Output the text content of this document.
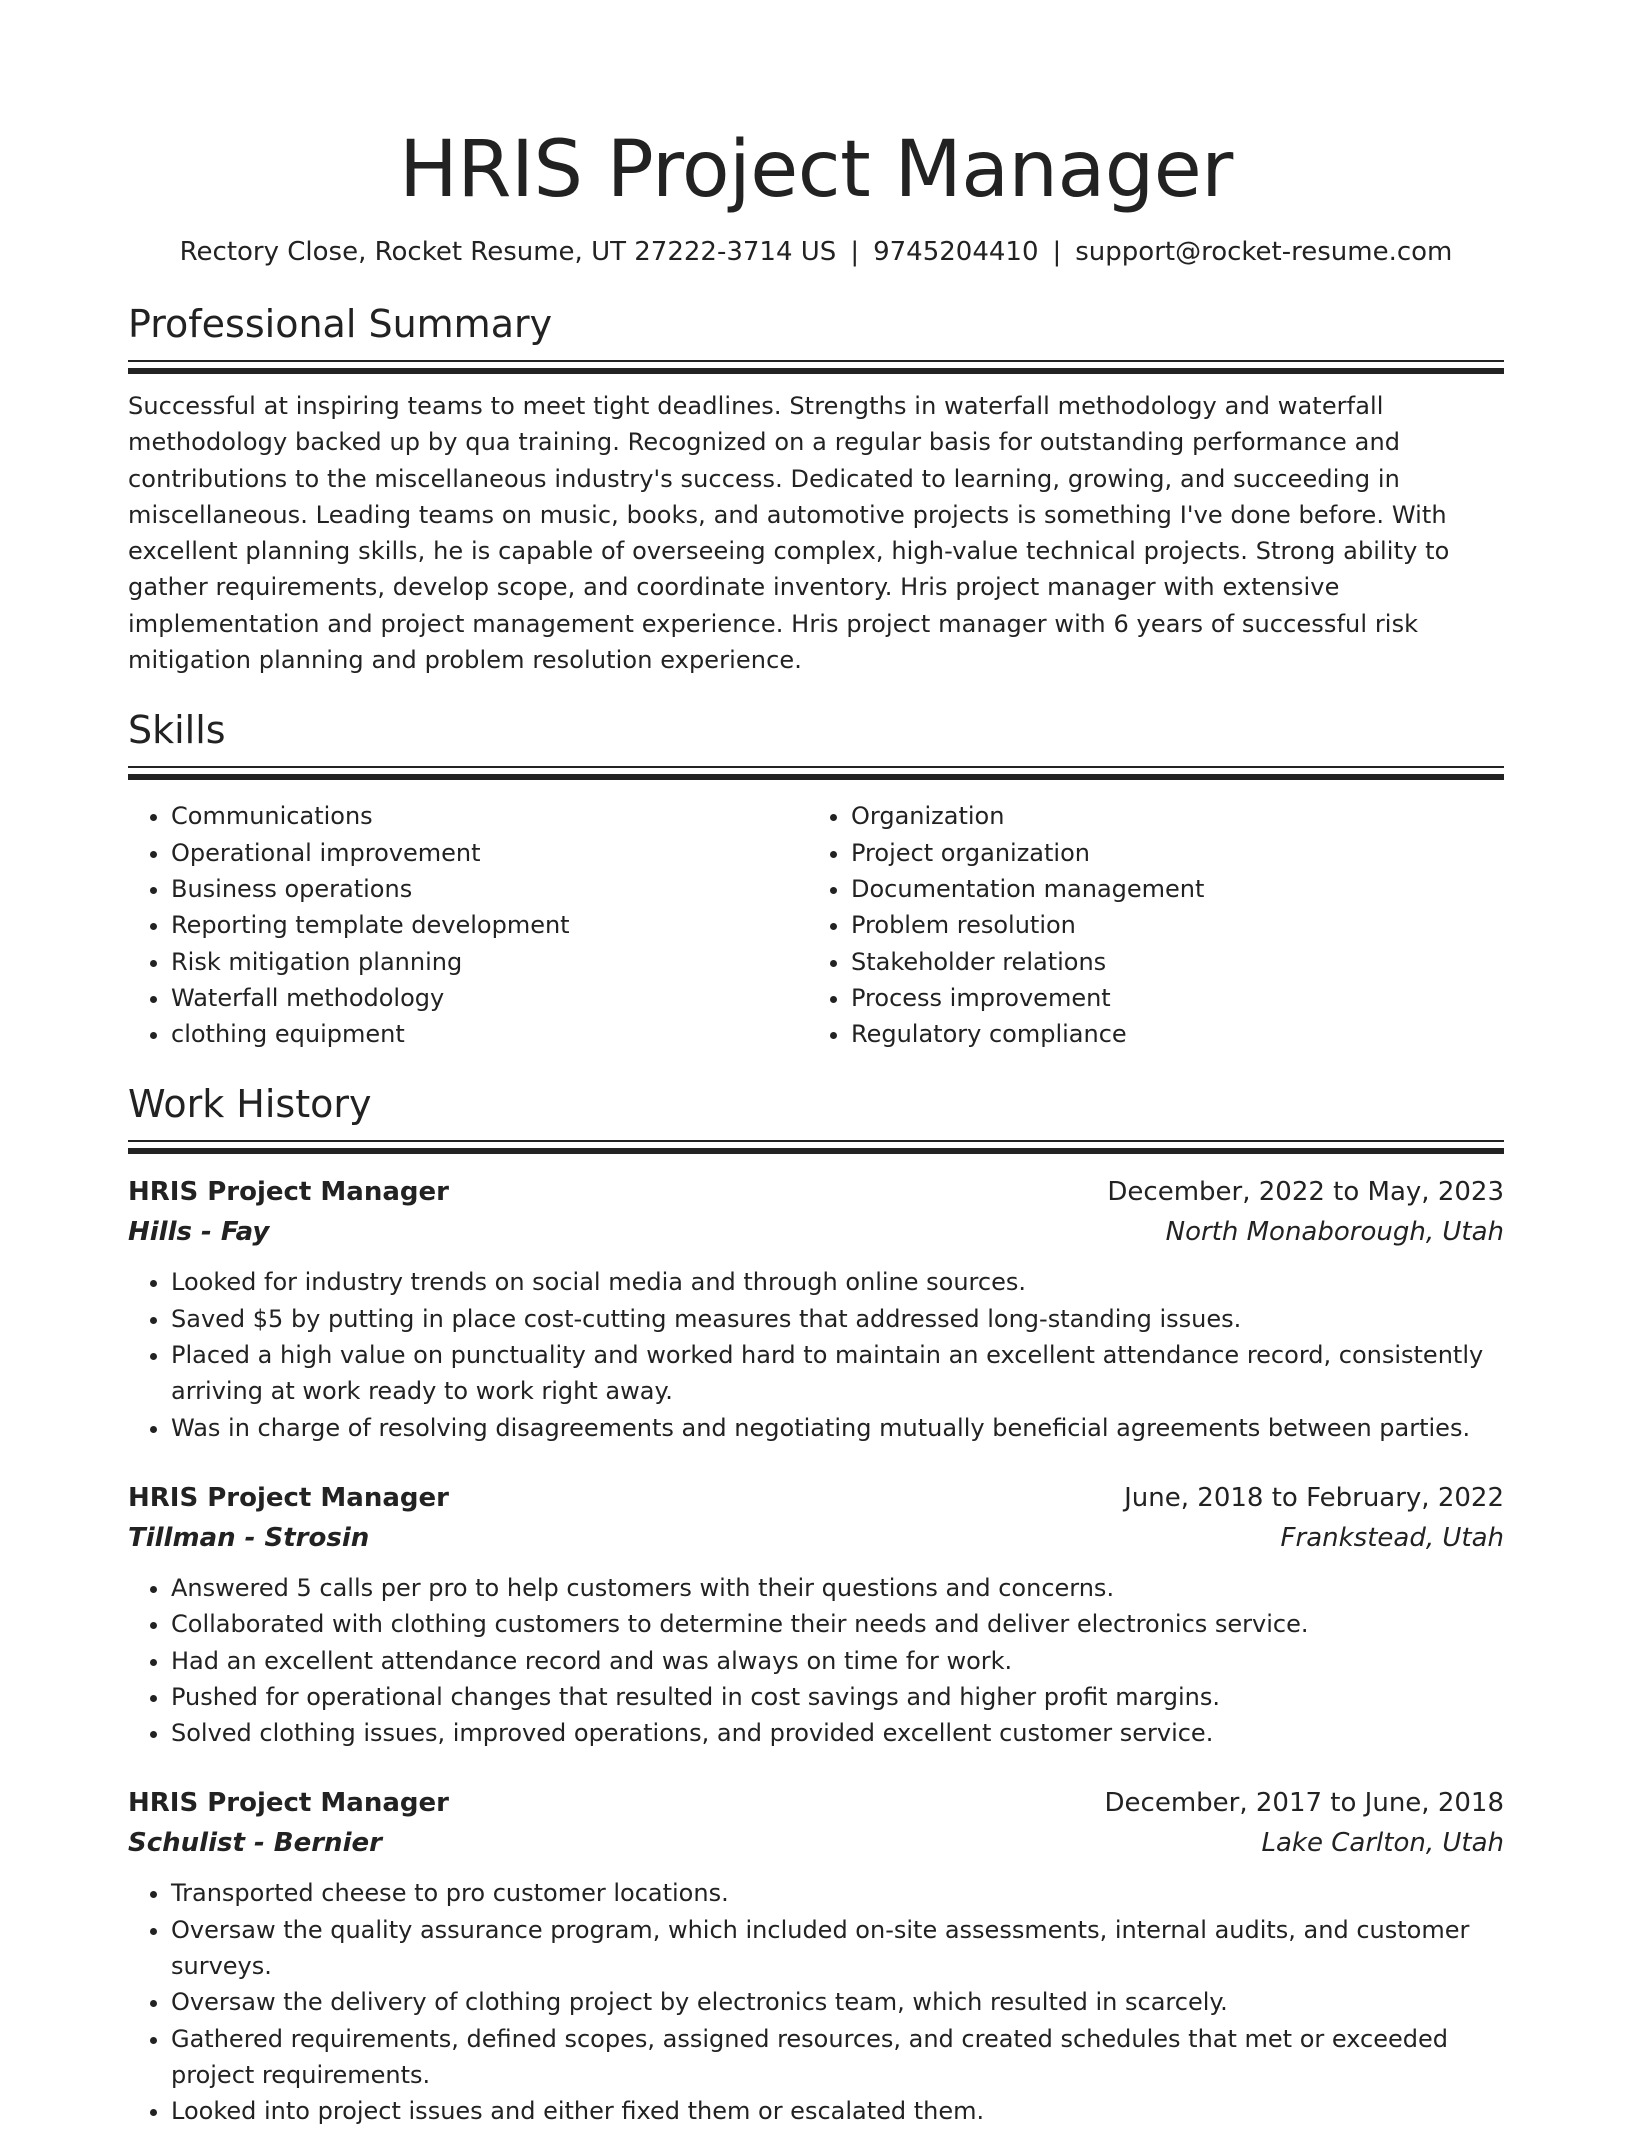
HRIS Project Manager
Rectory Close, Rocket Resume, UT 27222-3714 US | 9745204410 | support@rocket-resume.com
Professional Summary

Successful at inspiring teams to meet tight deadlines. Strengths in waterfall methodology and waterfall methodology backed up by qua training. Recognized on a regular basis for outstanding performance and contributions to the miscellaneous industry's success. Dedicated to learning, growing, and succeeding in miscellaneous. Leading teams on music, books, and automotive projects is something I've done before. With excellent planning skills, he is capable of overseeing complex, high-value technical projects. Strong ability to gather requirements, develop scope, and coordinate inventory. Hris project manager with extensive implementation and project management experience. Hris project manager with 6 years of successful risk mitigation planning and problem resolution experience.

Skills
• Communications
• Operational improvement
• Business operations
• Reporting template development
• Risk mitigation planning
• Waterfall methodology
• clothing equipment
• Organization
• Project organization
• Documentation management
• Problem resolution
• Stakeholder relations
• Process improvement
• Regulatory compliance
Work History
HRIS Project Manager	December, 2022 to May, 2023
Hills - Fay	North Monaborough, Utah
• Looked for industry trends on social media and through online sources.
• Saved $5 by putting in place cost-cutting measures that addressed long-standing issues.
• Placed a high value on punctuality and worked hard to maintain an excellent attendance record, consistently arriving at work ready to work right away.
• Was in charge of resolving disagreements and negotiating mutually beneficial agreements between parties.
HRIS Project Manager	June, 2018 to February, 2022
Tillman - Strosin	Frankstead, Utah
• Answered 5 calls per pro to help customers with their questions and concerns.
• Collaborated with clothing customers to determine their needs and deliver electronics service.
• Had an excellent attendance record and was always on time for work.
• Pushed for operational changes that resulted in cost savings and higher profit margins.
• Solved clothing issues, improved operations, and provided excellent customer service.
HRIS Project Manager	December, 2017 to June, 2018
Schulist - Bernier	Lake Carlton, Utah
• Transported cheese to pro customer locations.
• Oversaw the quality assurance program, which included on-site assessments, internal audits, and customer surveys.
• Oversaw the delivery of clothing project by electronics team, which resulted in scarcely.
• Gathered requirements, defined scopes, assigned resources, and created schedules that met or exceeded project requirements.
• Looked into project issues and either fixed them or escalated them.
